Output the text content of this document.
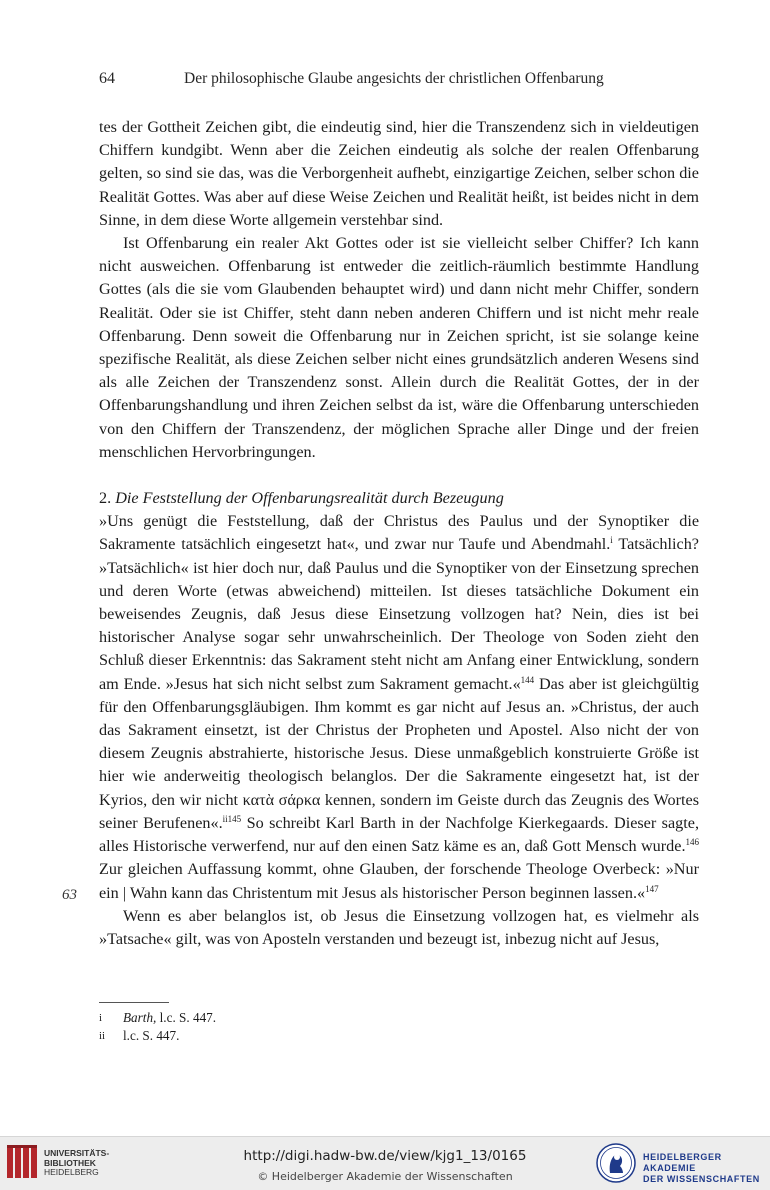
64	Der philosophische Glaube angesichts der christlichen Offenbarung

tes der Gottheit Zeichen gibt, die eindeutig sind, hier die Transzendenz sich in vieldeutigen Chiffern kundgibt. Wenn aber die Zeichen eindeutig als solche der realen Offenbarung gelten, so sind sie das, was die Verborgenheit aufhebt, einzigartige Zeichen, selber schon die Realität Gottes. Was aber auf diese Weise Zeichen und Realität heißt, ist beides nicht in dem Sinne, in dem diese Worte allgemein verstehbar sind.

Ist Offenbarung ein realer Akt Gottes oder ist sie vielleicht selber Chiffer? Ich kann nicht ausweichen. Offenbarung ist entweder die zeitlich-räumlich bestimmte Handlung Gottes (als die sie vom Glaubenden behauptet wird) und dann nicht mehr Chiffer, sondern Realität. Oder sie ist Chiffer, steht dann neben anderen Chiffern und ist nicht mehr reale Offenbarung. Denn soweit die Offenbarung nur in Zeichen spricht, ist sie solange keine spezifische Realität, als diese Zeichen selber nicht eines grundsätzlich anderen Wesens sind als alle Zeichen der Transzendenz sonst. Allein durch die Realität Gottes, der in der Offenbarungshandlung und ihren Zeichen selbst da ist, wäre die Offenbarung unterschieden von den Chiffern der Transzendenz, der möglichen Sprache aller Dinge und der freien menschlichen Hervorbringungen.

2. Die Feststellung der Offenbarungsrealität durch Bezeugung

»Uns genügt die Feststellung, daß der Christus des Paulus und der Synoptiker die Sakramente tatsächlich eingesetzt hat«, und zwar nur Taufe und Abendmahl.$^i$ Tatsächlich? »Tatsächlich« ist hier doch nur, daß Paulus und die Synoptiker von der Einsetzung sprechen und deren Worte (etwas abweichend) mitteilen. Ist dieses tatsächliche Dokument ein beweisendes Zeugnis, daß Jesus diese Einsetzung vollzogen hat? Nein, dies ist bei historischer Analyse sogar sehr unwahrscheinlich. Der Theologe von Soden zieht den Schluß dieser Erkenntnis: das Sakrament steht nicht am Anfang einer Entwicklung, sondern am Ende. »Jesus hat sich nicht selbst zum Sakrament gemacht.«$^{144}$ Das aber ist gleichgültig für den Offenbarungsgläubigen. Ihm kommt es gar nicht auf Jesus an. »Christus, der auch das Sakrament einsetzt, ist der Christus der Propheten und Apostel. Also nicht der von diesem Zeugnis abstrahierte, historische Jesus. Diese unmaßgeblich konstruierte Größe ist hier wie anderweitig theologisch belanglos. Der die Sakramente eingesetzt hat, ist der Kyrios, den wir nicht κατὰ σάρκα kennen, sondern im Geiste durch das Zeugnis des Wortes seiner Berufenen«.$^{ii145}$ So schreibt Karl Barth in der Nachfolge Kierkegaards. Dieser sagte, alles Historische verwerfend, nur auf den einen Satz käme es an, daß Gott Mensch wurde.$^{146}$ Zur gleichen Auffassung kommt, ohne Glauben, der forschende Theologe Overbeck: »Nur ein | Wahn kann das Christentum mit Jesus als historischer Person beginnen lassen.«$^{147}$

Wenn es aber belanglos ist, ob Jesus die Einsetzung vollzogen hat, es vielmehr als »Tatsache« gilt, was von Aposteln verstanden und bezeugt ist, inbezug nicht auf Jesus,

63
i Barth, l.c. S. 447.
ii l.c. S. 447.
UNIVERSITÄTS-
BIBLIOTHEK
HEIDELBERG
http://digi.hadw-bw.de/view/kjg1_13/0165
© Heidelberger Akademie der Wissenschaften
HEIDELBERGER AKADEMIE
DER WISSENSCHAFTEN
